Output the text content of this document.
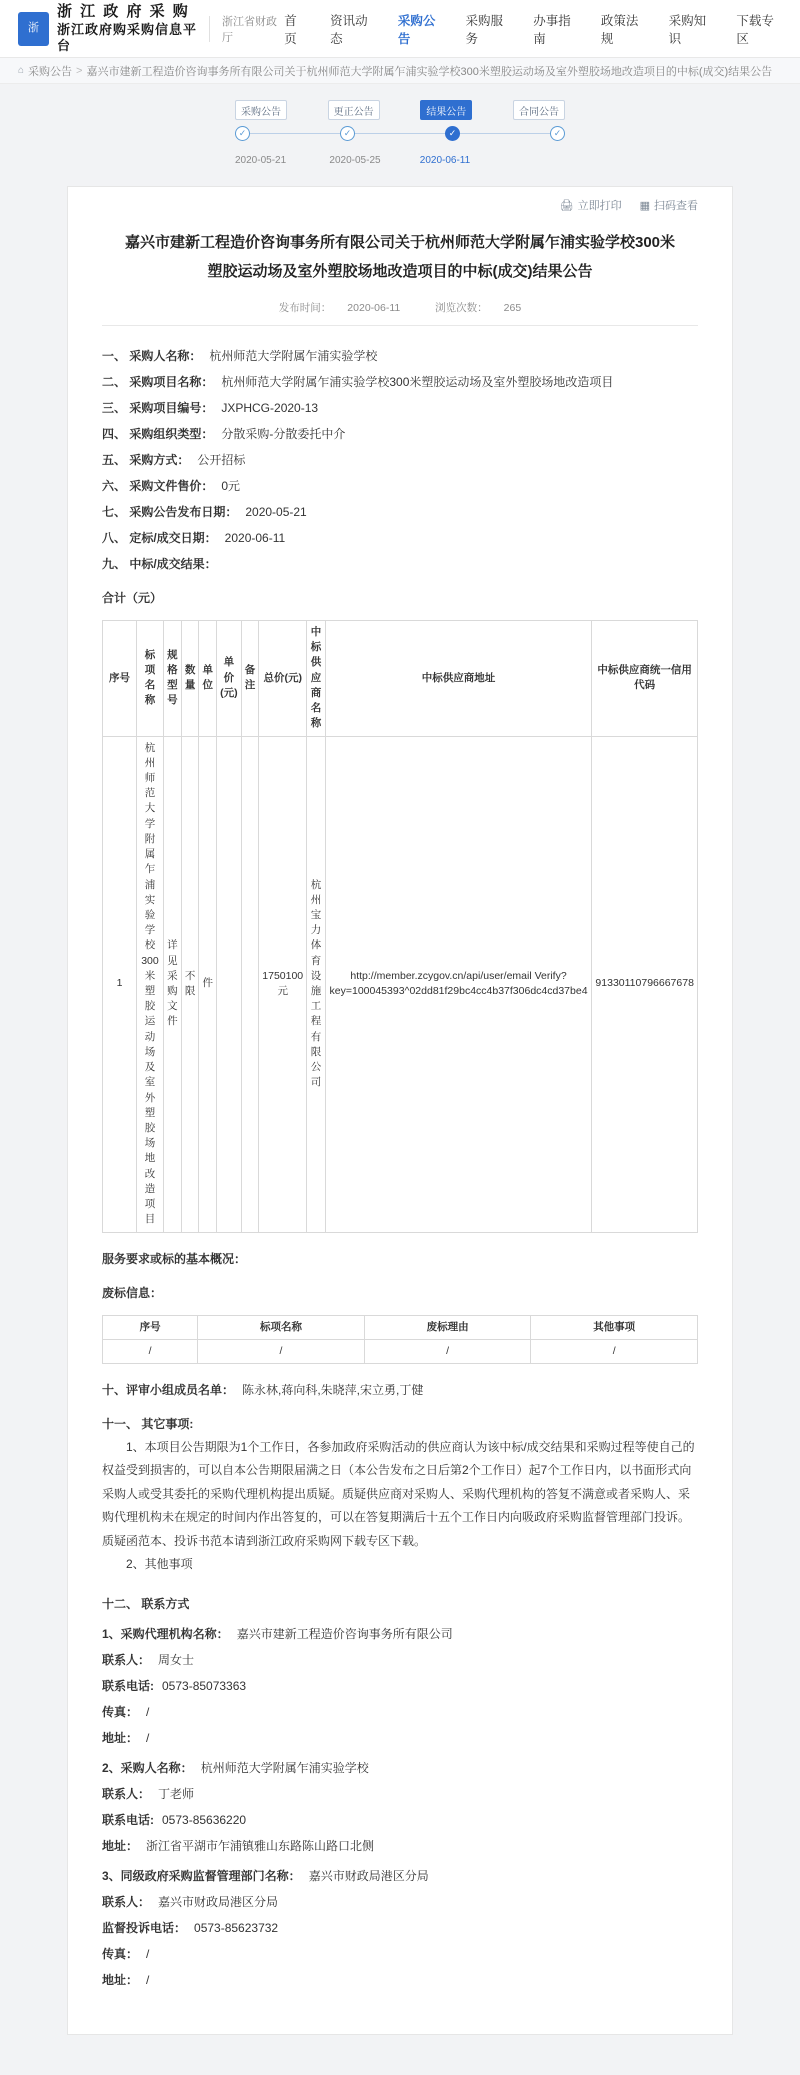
浙
浙 江 政 府 采 购
浙江政府购采购信息平台
浙江省财政厅
首页
资讯动态
采购公告
采购服务
办事指南
政策法规
采购知识
下载专区
⌂ 采购公告 > 嘉兴市建新工程造价咨询事务所有限公司关于杭州师范大学附属乍浦实验学校300米塑胶运动场及室外塑胶场地改造项目的中标(成交)结果公告
采购公告	更正公告	结果公告	合同公告
✓	✓	✓	✓
2020-05-21	2020-05-25	2020-06-11
🖨 立即打印 ▦ 扫码查看
嘉兴市建新工程造价咨询事务所有限公司关于杭州师范大学附属乍浦实验学校300米塑胶运动场及室外塑胶场地改造项目的中标(成交)结果公告
发布时间： 2020-06-11	浏览次数： 265
一、 采购人名称： 杭州师范大学附属乍浦实验学校
二、 采购项目名称： 杭州师范大学附属乍浦实验学校300米塑胶运动场及室外塑胶场地改造项目
三、 采购项目编号： JXPHCG-2020-13
四、 采购组织类型： 分散采购-分散委托中介
五、 采购方式： 公开招标
六、 采购文件售价： 0元
七、 采购公告发布日期： 2020-05-21
八、 定标/成交日期： 2020-06-11
九、 中标/成交结果：
合计（元）
序号	标项名称	规格型号	数量	单位	单价(元)	备注	总价(元)	中标供应商名称	中标供应商地址	中标供应商统一信用代码
1	杭州师范大学附属乍浦实验学校300米塑胶运动场及室外塑胶场地改造项目	详见采购文件	不限	件			1750100元	杭州宝力体育设施工程有限公司	http://member.zcygov.cn/api/user/email Verify?key=100045393^02dd81f29bc4cc4b37f306dc4cd37be4	91330110796667678
服务要求或标的基本概况：
废标信息：
序号	标项名称	废标理由	其他事项
/	/	/	/
十、评审小组成员名单： 陈永林,蒋向科,朱晓萍,宋立勇,丁健
十一、 其它事项:
1、本项目公告期限为1个工作日，各参加政府采购活动的供应商认为该中标/成交结果和采购过程等使自己的权益受到损害的，可以自本公告期限届满之日（本公告发布之日后第2个工作日）起7个工作日内，以书面形式向采购人或受其委托的采购代理机构提出质疑。质疑供应商对采购人、采购代理机构的答复不满意或者采购人、采购代理机构未在规定的时间内作出答复的，可以在答复期满后十五个工作日内向吸政府采购监督管理部门投诉。质疑函范本、投诉书范本请到浙江政府采购网下载专区下载。
2、其他事项
十二、 联系方式
1、采购代理机构名称： 嘉兴市建新工程造价咨询事务所有限公司
联系人： 周女士
联系电话: 0573-85073363
传真： /
地址： /
2、采购人名称： 杭州师范大学附属乍浦实验学校
联系人： 丁老师
联系电话: 0573-85636220
地址： 浙江省平湖市乍浦镇雅山东路陈山路口北侧
3、同级政府采购监督管理部门名称： 嘉兴市财政局港区分局
联系人： 嘉兴市财政局港区分局
监督投诉电话： 0573-85623732
传真： /
地址： /
